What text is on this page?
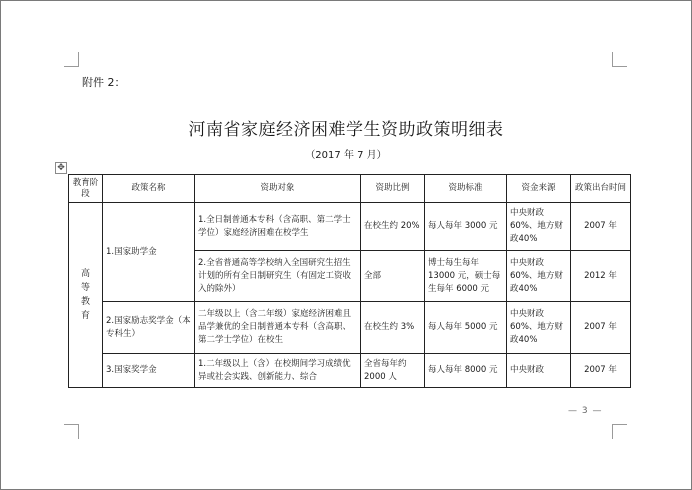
附件 2：
河南省家庭经济困难学生资助政策明细表
（2017 年 7 月）
✥
教育阶段	政策名称	资助对象	资助比例	资助标准	资金来源	政策出台时间
高等教育	1.国家助学金	1.全日制普通本专科（含高职、第二学士学位）家庭经济困难在校学生	在校生约 20%	每人每年 3000 元	中央财政 60%、地方财政40%	2007 年
		2.全省普通高等学校纳入全国研究生招生计划的所有全日制研究生（有固定工资收入的除外）	全部	博士每生每年 13000 元，硕士每生每年 6000 元	中央财政 60%、地方财政40%	2012 年
	2.国家励志奖学金（本专科生）	二年级以上（含二年级）家庭经济困难且品学兼优的全日制普通本专科（含高职、第二学士学位）在校生	在校生约 3%	每人每年 5000 元	中央财政 60%、地方财政40%	2007 年
	3.国家奖学金	1.二年级以上（含）在校期间学习成绩优异或社会实践、创新能力、综合	全省每年约2000 人	每人每年 8000 元	中央财政	2007 年
— 3 —
